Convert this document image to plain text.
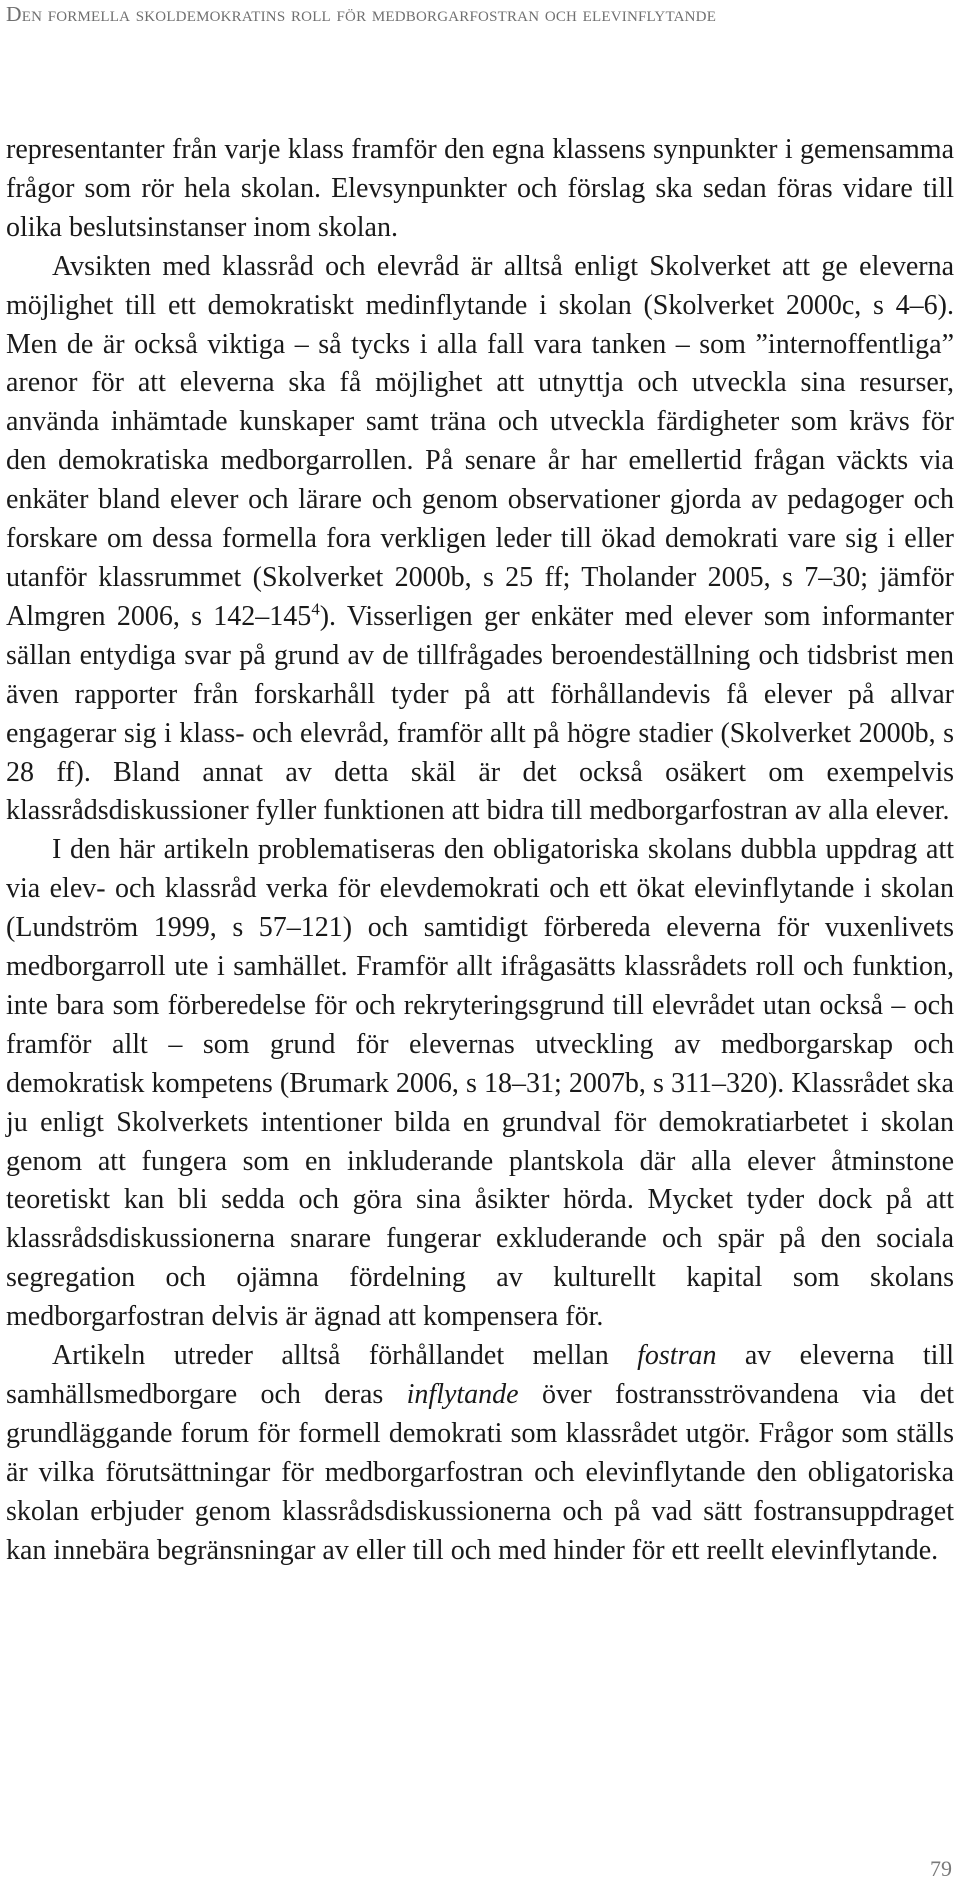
Den formella skoldemokratins roll för medborgarfostran och elevinflytande

representanter från varje klass framför den egna klassens synpunkter i gemensamma frågor som rör hela skolan. Elevsynpunkter och förslag ska sedan föras vidare till olika beslutsinstanser inom skolan.

Avsikten med klassråd och elevråd är alltså enligt Skolverket att ge eleverna möjlighet till ett demokratiskt medinflytande i skolan (Skolverket 2000c, s 4–6). Men de är också viktiga – så tycks i alla fall vara tanken – som ”internoffentliga” arenor för att eleverna ska få möjlighet att utnyttja och utveckla sina resurser, använda inhämtade kunskaper samt träna och utveckla färdigheter som krävs för den demokratiska medborgarrollen. På senare år har emellertid frågan väckts via enkäter bland elever och lärare och genom observationer gjorda av pedagoger och forskare om dessa formella fora verkligen leder till ökad demokrati vare sig i eller utanför klassrummet (Skolverket 2000b, s 25 ff; Tholander 2005, s 7–30; jämför Almgren 2006, s $142-145^4$). Visserligen ger enkäter med elever som informanter sällan entydiga svar på grund av de tillfrågades beroendeställning och tidsbrist men även rapporter från forskarhåll tyder på att förhållandevis få elever på allvar engagerar sig i klass- och elevråd, framför allt på högre stadier (Skolverket 2000b, s 28 ff). Bland annat av detta skäl är det också osäkert om exempelvis klassrådsdiskussioner fyller funktionen att bidra till medborgarfostran av alla elever.

I den här artikeln problematiseras den obligatoriska skolans dubbla uppdrag att via elev- och klassråd verka för elevdemokrati och ett ökat elevinflytande i skolan (Lundström 1999, s 57–121) och samtidigt förbereda eleverna för vuxenlivets medborgarroll ute i samhället. Framför allt ifrågasätts klassrådets roll och funktion, inte bara som förberedelse för och rekryteringsgrund till elevrådet utan också – och framför allt – som grund för elevernas utveckling av medborgarskap och demokratisk kompetens (Brumark 2006, s 18–31; 2007b, s 311–320). Klassrådet ska ju enligt Skolverkets intentioner bilda en grundval för demokratiarbetet i skolan genom att fungera som en inkluderande plantskola där alla elever åtminstone teoretiskt kan bli sedda och göra sina åsikter hörda. Mycket tyder dock på att klassrådsdiskussionerna snarare fungerar exkluderande och spär på den sociala segregation och ojämna fördelning av kulturellt kapital som skolans medborgarfostran delvis är ägnad att kompensera för.

Artikeln utreder alltså förhållandet mellan fostran av eleverna till samhällsmedborgare och deras inflytande över fostransströvandena via det grundläggande forum för formell demokrati som klassrådet utgör. Frågor som ställs är vilka förutsättningar för medborgarfostran och elevinflytande den obligatoriska skolan erbjuder genom klassrådsdiskussionerna och på vad sätt fostransuppdraget kan innebära begränsningar av eller till och med hinder för ett reellt elevinflytande.

79
